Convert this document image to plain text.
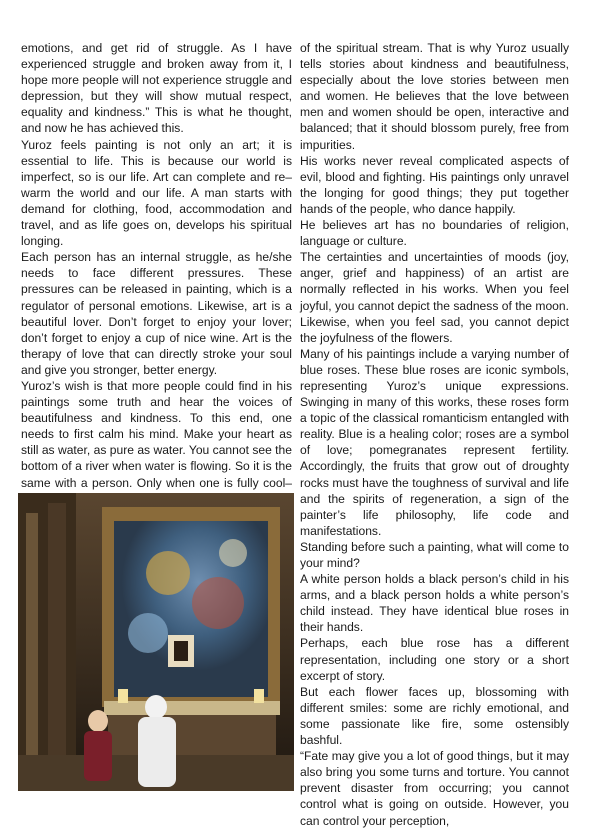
emotions, and get rid of struggle. As I have experienced struggle and broken away from it, I hope more people will not experience struggle and depression, but they will show mutual respect, equality and kindness.” This is what he thought, and now he has achieved this.

Yuroz feels painting is not only an art; it is essential to life. This is because our world is imperfect, so is our life. Art can complete and re–warm the world and our life. A man starts with demand for clothing, food, accommodation and travel, and as life goes on, develops his spiritual longing.

Each person has an internal struggle, as he/she needs to face different pressures. These pressures can be released in painting, which is a regulator of personal emotions. Likewise, art is a beautiful lover. Don’t forget to enjoy your lover; don’t forget to enjoy a cup of nice wine. Art is the therapy of love that can directly stroke your soul and give you stronger, better energy.

Yuroz’s wish is that more people could find in his paintings some truth and hear the voices of beautifulness and kindness. To this end, one needs to first calm his mind. Make your heart as still as water, as pure as water. You cannot see the bottom of a river when water is flowing. So it is the same with a person. Only when one is fully cool–

of the spiritual stream. That is why Yuroz usually tells stories about kindness and beautifulness, especially about the love stories between men and women. He believes that the love between men and women should be open, interactive and balanced; that it should blossom purely, free from impurities.

His works never reveal complicated aspects of evil, blood and fighting. His paintings only unravel the longing for good things; they put together hands of the people, who dance happily.

He believes art has no boundaries of religion, language or culture.

The certainties and uncertainties of moods (joy, anger, grief and happiness) of an artist are normally reflected in his works. When you feel joyful, you cannot depict the sadness of the moon. Likewise, when you feel sad, you cannot depict the joyfulness of the flowers.

Many of his paintings include a varying number of blue roses. These blue roses are iconic symbols, representing Yuroz’s unique expressions. Swinging in many of this works, these roses form a topic of the classical romanticism entangled with reality. Blue is a healing color; roses are a symbol of love; pomegranates represent fertility. Accordingly, the fruits that grow out of droughty rocks must have the toughness of survival and life and the spirits of regeneration, a sign of the painter’s life philosophy, life code and manifestations.

Standing before such a painting, what will come to your mind?

A white person holds a black person’s child in his arms, and a black person holds a white person’s child instead. They have identical blue roses in their hands.

Perhaps, each blue rose has a different representation, including one story or a short excerpt of story.

But each flower faces up, blossoming with different smiles: some are richly emotional, and some passionate like fire, some ostensibly bashful.

“Fate may give you a lot of good things, but it may also bring you some turns and torture. You cannot prevent disaster from occurring; you cannot control what is going on outside. However, you can control your perception,
